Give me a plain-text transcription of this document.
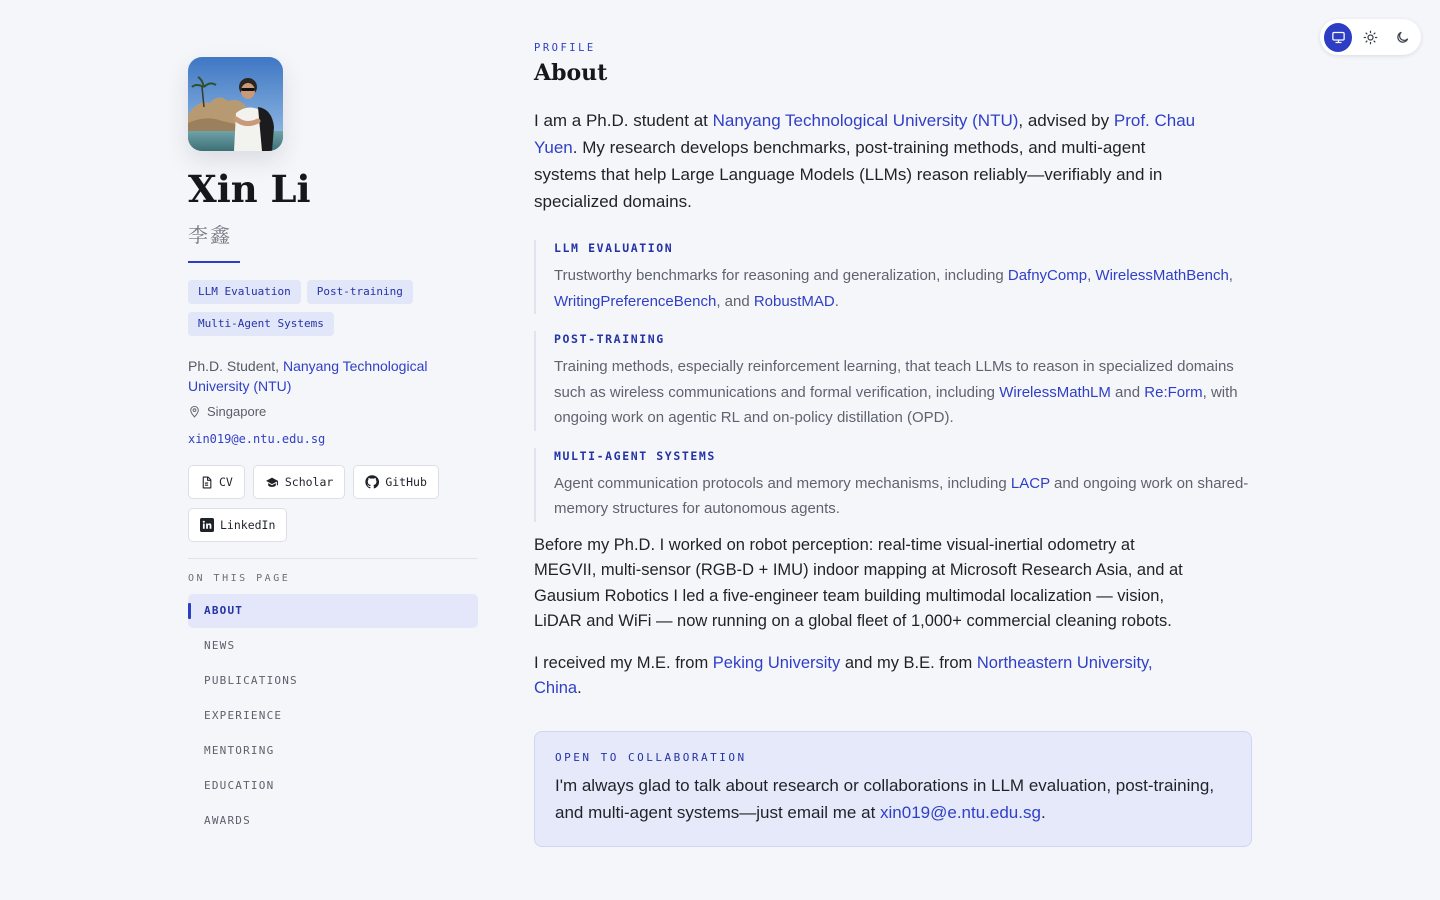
Xin Li
李鑫
LLM Evaluation	Post-training
Multi-Agent Systems
Ph.D. Student, Nanyang Technological University (NTU)
Singapore
xin019@e.ntu.edu.sg
CV	Scholar	GitHub
LinkedIn
ON THIS PAGE
ABOUT
NEWS
PUBLICATIONS
EXPERIENCE
MENTORING
EDUCATION
AWARDS
PROFILE
About

I am a Ph.D. student at Nanyang Technological University (NTU), advised by Prof. Chau Yuen. My research develops benchmarks, post-training methods, and multi-agent systems that help Large Language Models (LLMs) reason reliably—verifiably and in specialized domains.

LLM EVALUATION
Trustworthy benchmarks for reasoning and generalization, including DafnyComp, WirelessMathBench, WritingPreferenceBench, and RobustMAD.
POST-TRAINING
Training methods, especially reinforcement learning, that teach LLMs to reason in specialized domains such as wireless communications and formal verification, including WirelessMathLM and Re:Form, with ongoing work on agentic RL and on-policy distillation (OPD).
MULTI-AGENT SYSTEMS
Agent communication protocols and memory mechanisms, including LACP and ongoing work on shared-memory structures for autonomous agents.

Before my Ph.D. I worked on robot perception: real-time visual-inertial odometry at MEGVII, multi-sensor (RGB-D + IMU) indoor mapping at Microsoft Research Asia, and at Gausium Robotics I led a five-engineer team building multimodal localization — vision, LiDAR and WiFi — now running on a global fleet of 1,000+ commercial cleaning robots.

I received my M.E. from Peking University and my B.E. from Northeastern University, China.

OPEN TO COLLABORATION

I'm always glad to talk about research or collaborations in LLM evaluation, post-training, and multi-agent systems—just email me at xin019@e.ntu.edu.sg.
